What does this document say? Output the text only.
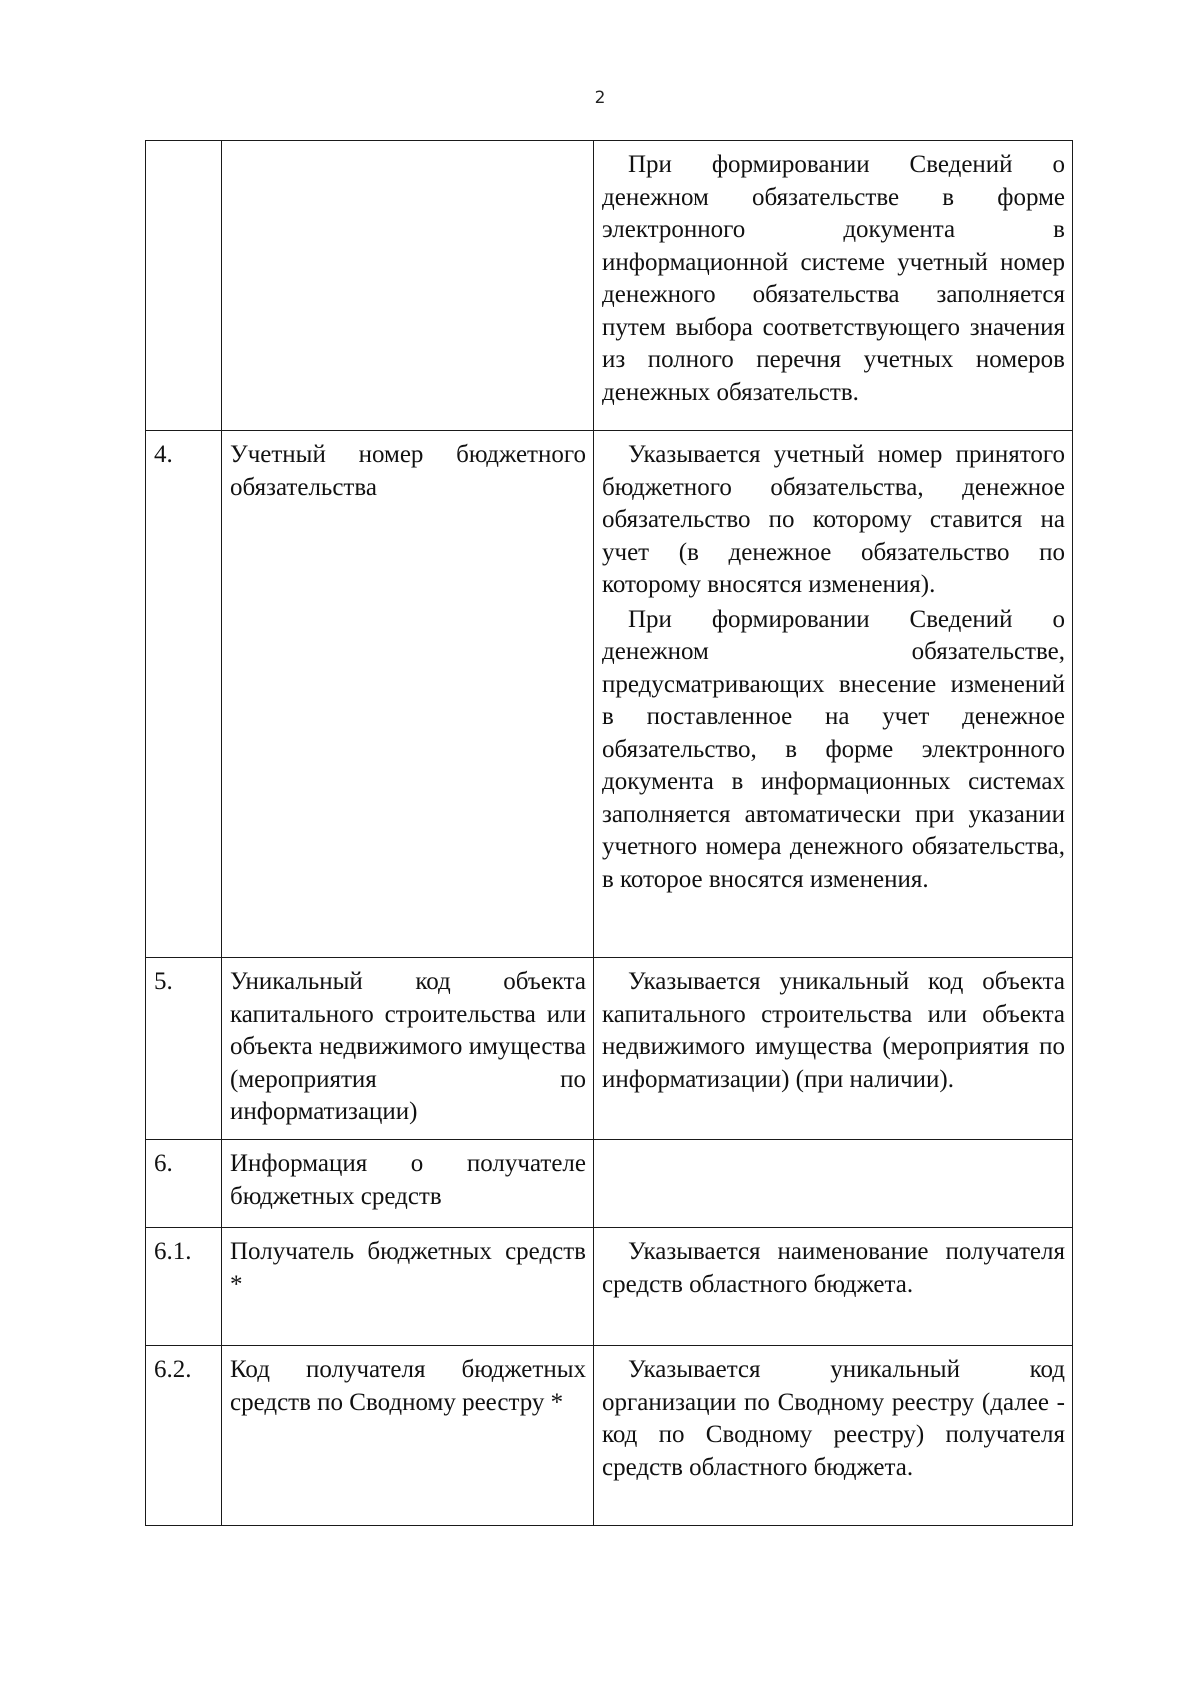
2

		При формировании Сведений о денежном обязательстве в форме электронного документа в информационной системе учетный номер денежного обязательства заполняется путем выбора соответствующего значения из полного перечня учетных номеров денежных обязательств.

4.	Учетный номер бюджетного обязательства	Указывается учетный номер принятого бюджетного обязательства, денежное обязательство по которому ставится на учет (в денежное обязательство по которому вносятся изменения).

При формировании Сведений о денежном обязательстве, предусматривающих внесение изменений в поставленное на учет денежное обязательство, в форме электронного документа в информационных системах заполняется автоматически при указании учетного номера денежного обязательства, в которое вносятся изменения.

5.	Уникальный код объекта капитального строительства или объекта недвижимого имущества (мероприятия по информатизации)	Указывается уникальный код объекта капитального строительства или объекта недвижимого имущества (мероприятия по информатизации) (при наличии).

6.	Информация о получателе бюджетных средств	
6.1.	Получатель бюджетных средств *	Указывается наименование получателя средств областного бюджета.

6.2.	Код получателя бюджетных средств по Сводному реестру *	Указывается уникальный код организации по Сводному реестру (далее - код по Сводному реестру) получателя средств областного бюджета.
